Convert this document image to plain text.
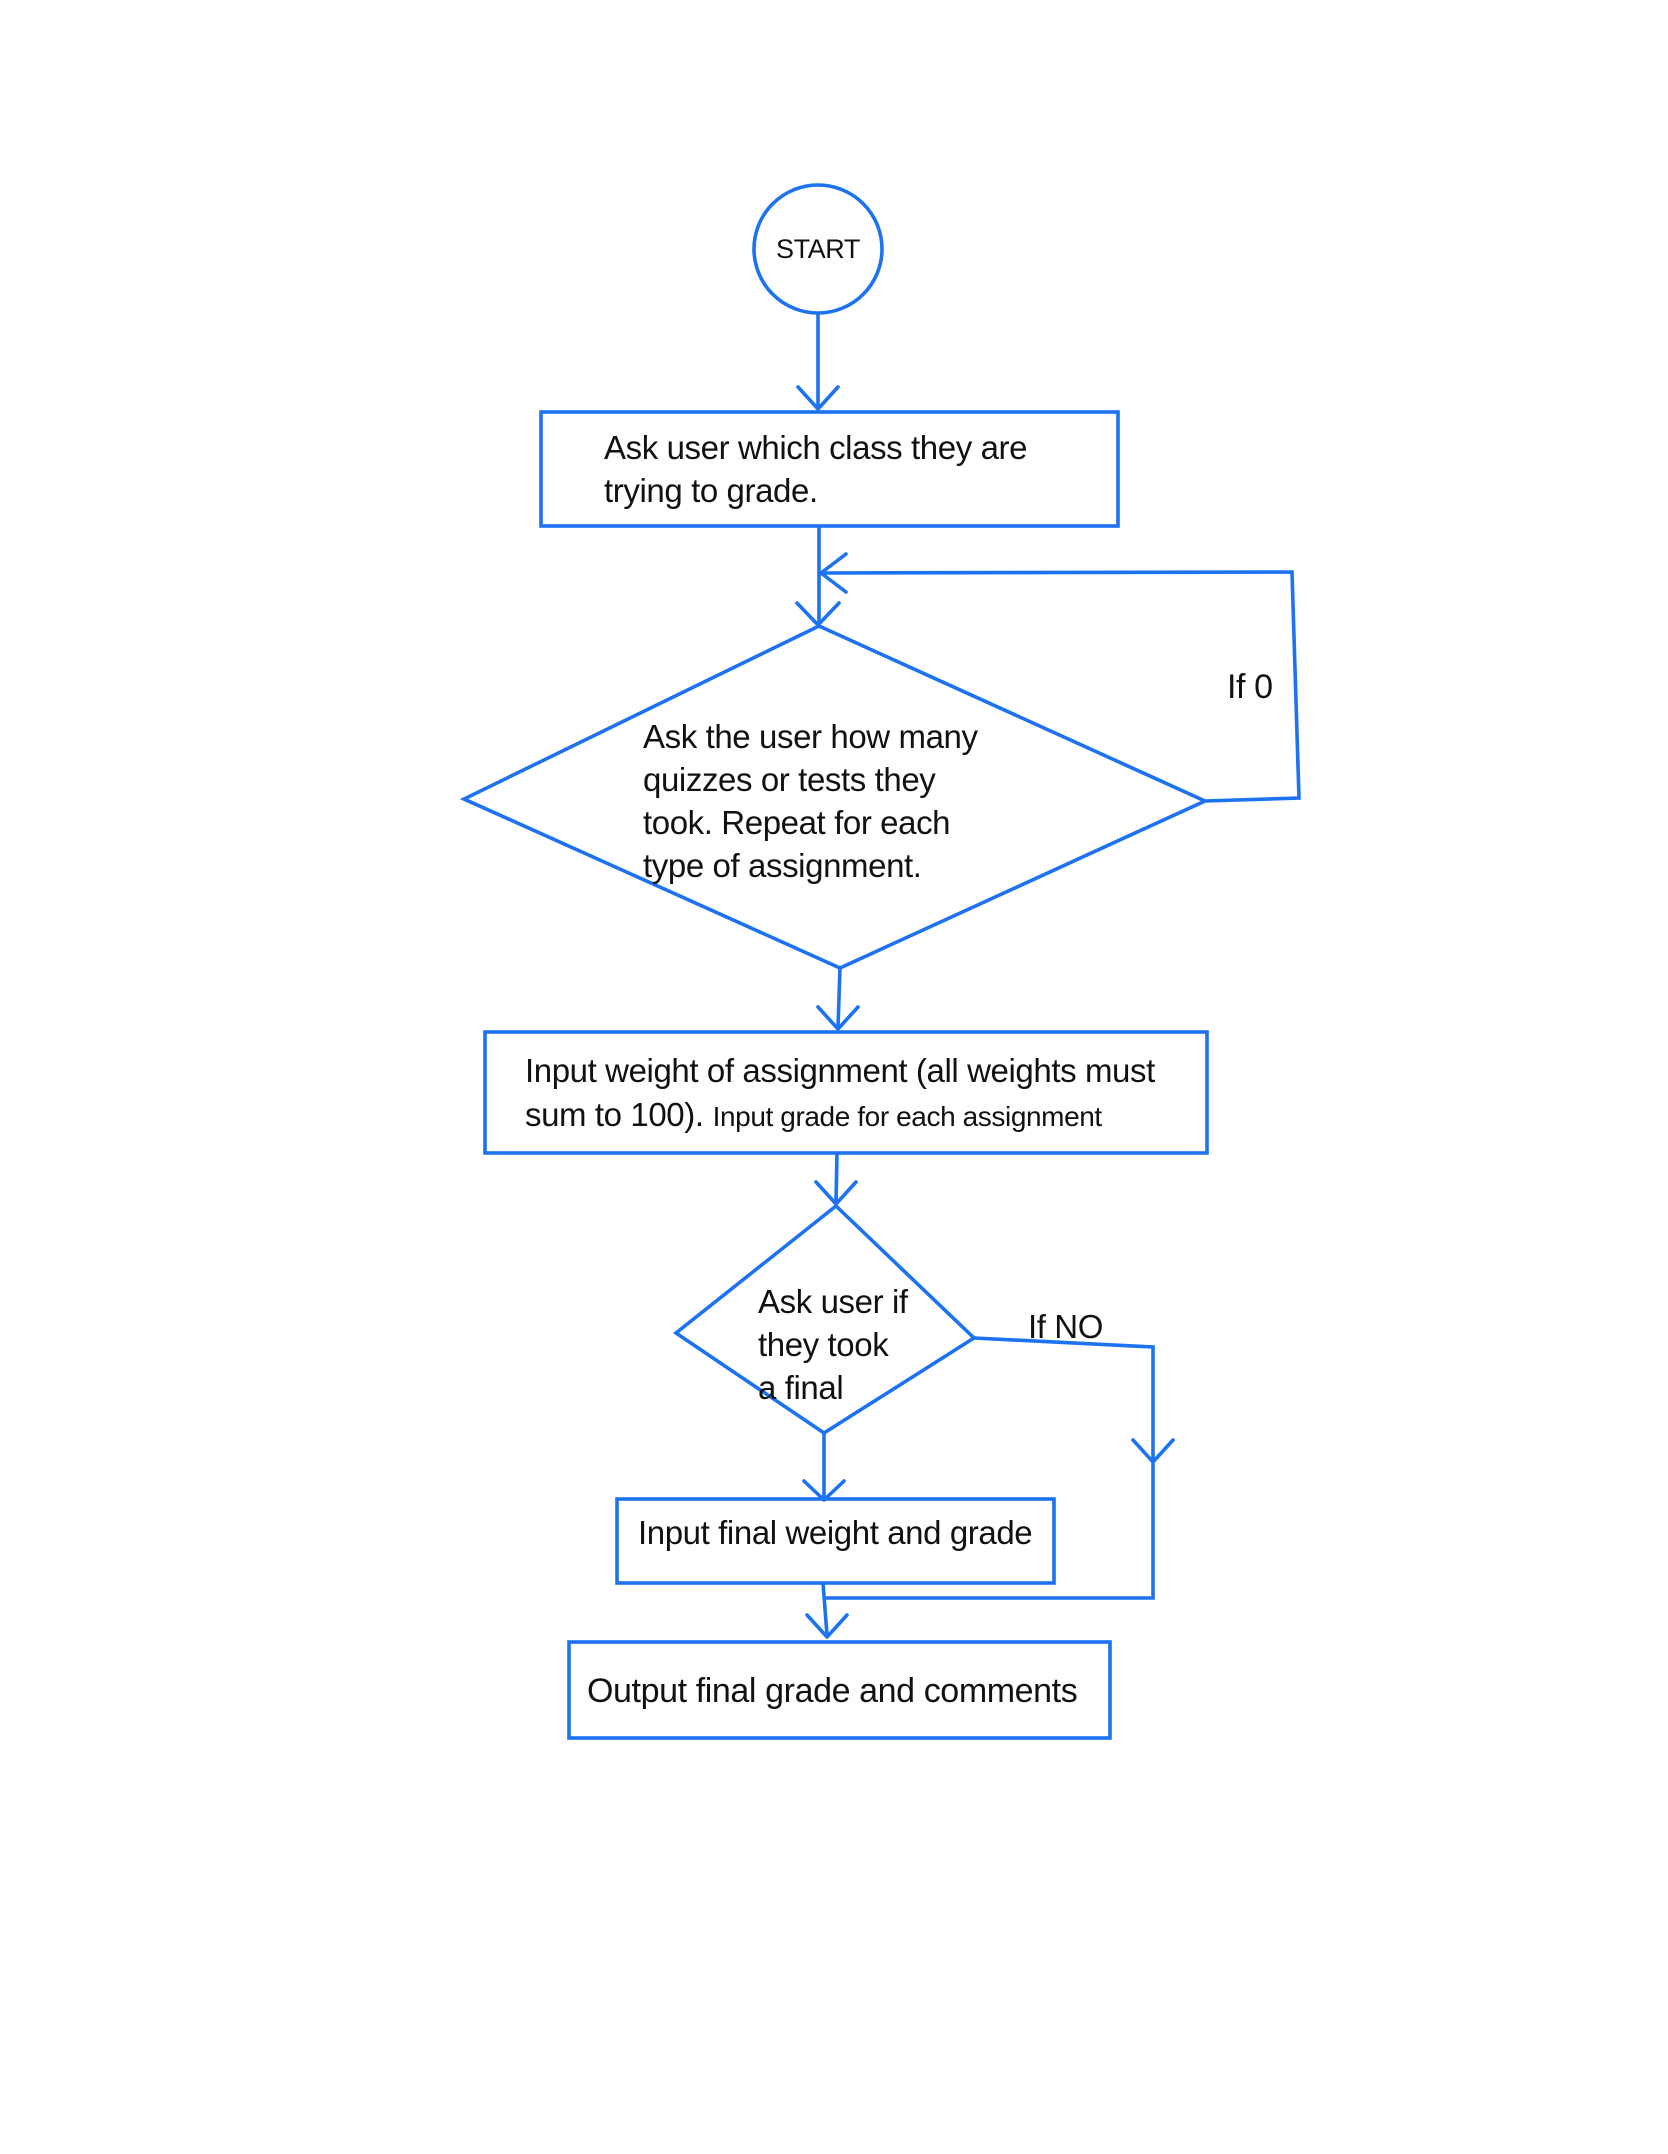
START
Ask user which class they are
trying to grade.
Ask the user how many
quizzes or tests they
took. Repeat for each
type of assignment.
Input weight of assignment (all weights must
sum to 100). Input grade for each assignment
Ask user if
they took
a final
Input final weight and grade
Output final grade and comments
If 0
If NO
